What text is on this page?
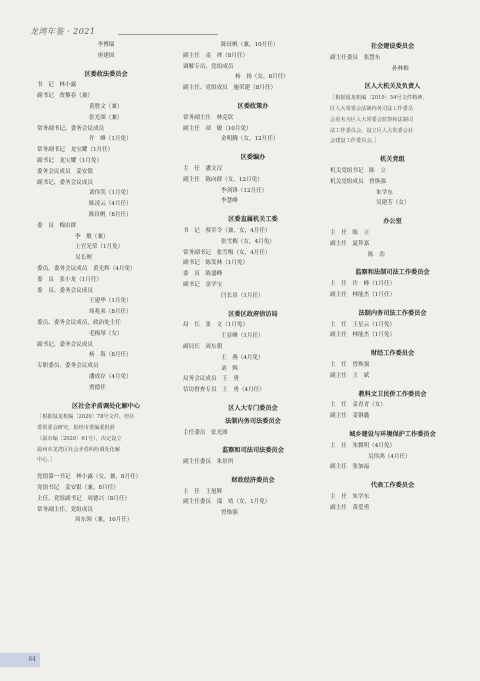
龙湾年鉴 · 2021
李博瑞
唐建国
区委政法委员会
书　记　林小露
副书记　贾黎春（兼）
黄胜文（兼）
张光图（兼）
常务副书记、委务会议成员
许　峰（1月免）
常务副书记　龙宝耀（1月任）
副书记　龙宝耀（1月免）
委务会议成员　姜安银
副书记、委务会议成员
刘伟笑（1月免）
陈凌云（4月任）
陈征帆（8月任）
委　员　梅由群
李　敏（兼）
上官光荣（1月免）
吴长理
委员、委务会议成员　黄光辉（4月免）
委　员　张小龙（1月任）
委　员、委务会议成员
王建华（1月免）
周兆弟（8月任）
委员、委务会议成员，政治处主任
毛梅琴（女）
副书记、委务会议成员
杨　海（8月任）
专职委员、委务会议成员
潘成存（4月免）
贾德任
区社会矛盾调处化解中心
［根据温龙机编〔2020〕78号文件，经区
委常委会研究，报经市委编委批准
（温市编〔2020〕61号），决定设立
温州市龙湾区社会矛盾纠纷调处化解
中心。］
党组第一书记　林小露（女，兼，8月任）
党组书记　姜安银（兼，8月任）
主任、党组副书记　周德兴（8月任）
常务副主任、党组成员
周东领（兼，10月任）
陈征帆（兼，10月任）
副主任　南　禅（8月任）
调解专员、党组成员
杨　扬（女，8月任）
副主任、党组成员　施荣建（8月任）
区委政策办
常务副主任　林克钦
副主任　项　敏（10月免）
金明腾（女，12月任）
区委编办
主　任　潘文汉
副主任　陈向群（女，12月免）
李剑锋（12月任）
李慧峰
区委直属机关工委
书　记　蔡军令（兼，女，4月任）
张雪梅（女，4月免）
常务副书记　张雪梅（女，4月任）
副书记　陈发林（1月免）
委　员　陈盛峰
副书记　金学宝
闫长景（1月任）
区委区政府信访局
局　长　张　文（1月免）
王显峰（1月任）
副局长　周东朝
王　燕（4月免）
刘　辉
局务会议成员　王　勇
信访督查专员　王　勇（4月任）
区人大专门委员会
法制内务司法委员会
主任委员　张光图
监察和司法司法委员会
副主任委员　朱景所
财政经济委员会
主　任　王旭辉
副主任委员　邵　靖（女，1月免）
曾焕强
社会建设委员会
副主任委员　张慧东
孙林根
区人大机关及负责人
［根据温龙机编〔2019〕54号文件精神，
区人大常委会法制内务司法工作委员
会更名为区人大常委会监察和法制司
法工作委员会，设立区人大常委会社
会建设工作委员会。］
机关党组
机关党组书记　陈　立
机关党组成员　曾焕强
朱学东
吴建芳（女）
办公室
主　任　陈　立
副主任　夏拜嘉
陈　浩
监察和法制司法工作委员会
主　任　许　峰（1月任）
副主任　林能杰（1月任）
法制内务司法工作委员会
主　任　王星云（1月免）
副主任　林能杰（1月免）
财经工作委员会
主　任　曾焕强
副主任　王　斌
教科文卫民侨工作委员会
主　任　姜青青（女）
副主任　姜钢鑫
城乡建设与环境保护工作委员会
主　任　朱微明（4月免）
吴伟鸿（4月任）
副主任　张加福
代表工作委员会
主　任　朱学东
副主任　黄爱勇
64
